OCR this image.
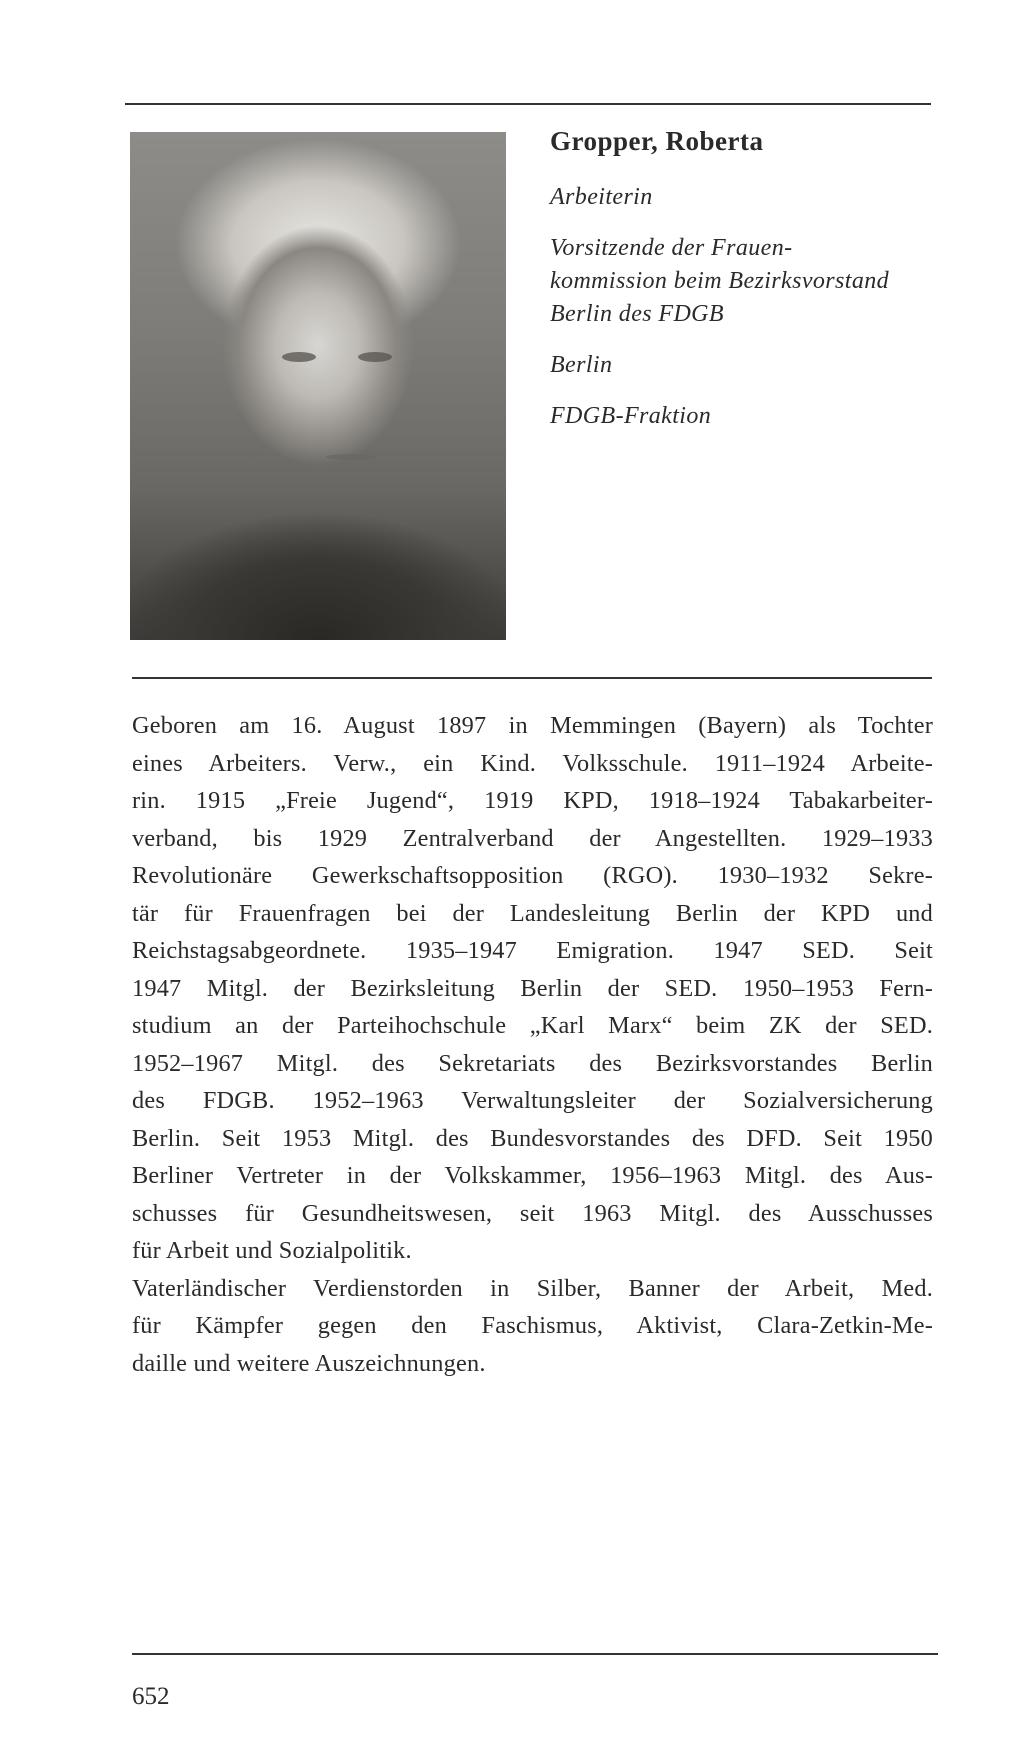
Gropper, Roberta

Arbeiterin

Vorsitzende der Frauen-

kommission beim Bezirksvorstand

Berlin des FDGB

Berlin

FDGB-Fraktion

Geboren am 16. August 1897 in Memmingen (Bayern) als Tochter
eines Arbeiters. Verw., ein Kind. Volksschule. 1911–1924 Arbeite-
rin. 1915 „Freie Jugend“, 1919 KPD, 1918–1924 Tabakarbeiter-
verband, bis 1929 Zentralverband der Angestellten. 1929–1933
Revolutionäre Gewerkschaftsopposition (RGO). 1930–1932 Sekre-
tär für Frauenfragen bei der Landesleitung Berlin der KPD und
Reichstagsabgeordnete. 1935–1947 Emigration. 1947 SED. Seit
1947 Mitgl. der Bezirksleitung Berlin der SED. 1950–1953 Fern-
studium an der Parteihochschule „Karl Marx“ beim ZK der SED.
1952–1967 Mitgl. des Sekretariats des Bezirksvorstandes Berlin
des FDGB. 1952–1963 Verwaltungsleiter der Sozialversicherung
Berlin. Seit 1953 Mitgl. des Bundesvorstandes des DFD. Seit 1950
Berliner Vertreter in der Volkskammer, 1956–1963 Mitgl. des Aus-
schusses für Gesundheitswesen, seit 1963 Mitgl. des Ausschusses
für Arbeit und Sozialpolitik.
Vaterländischer Verdienstorden in Silber, Banner der Arbeit, Med.
für Kämpfer gegen den Faschismus, Aktivist, Clara-Zetkin-Me-
daille und weitere Auszeichnungen.

652
